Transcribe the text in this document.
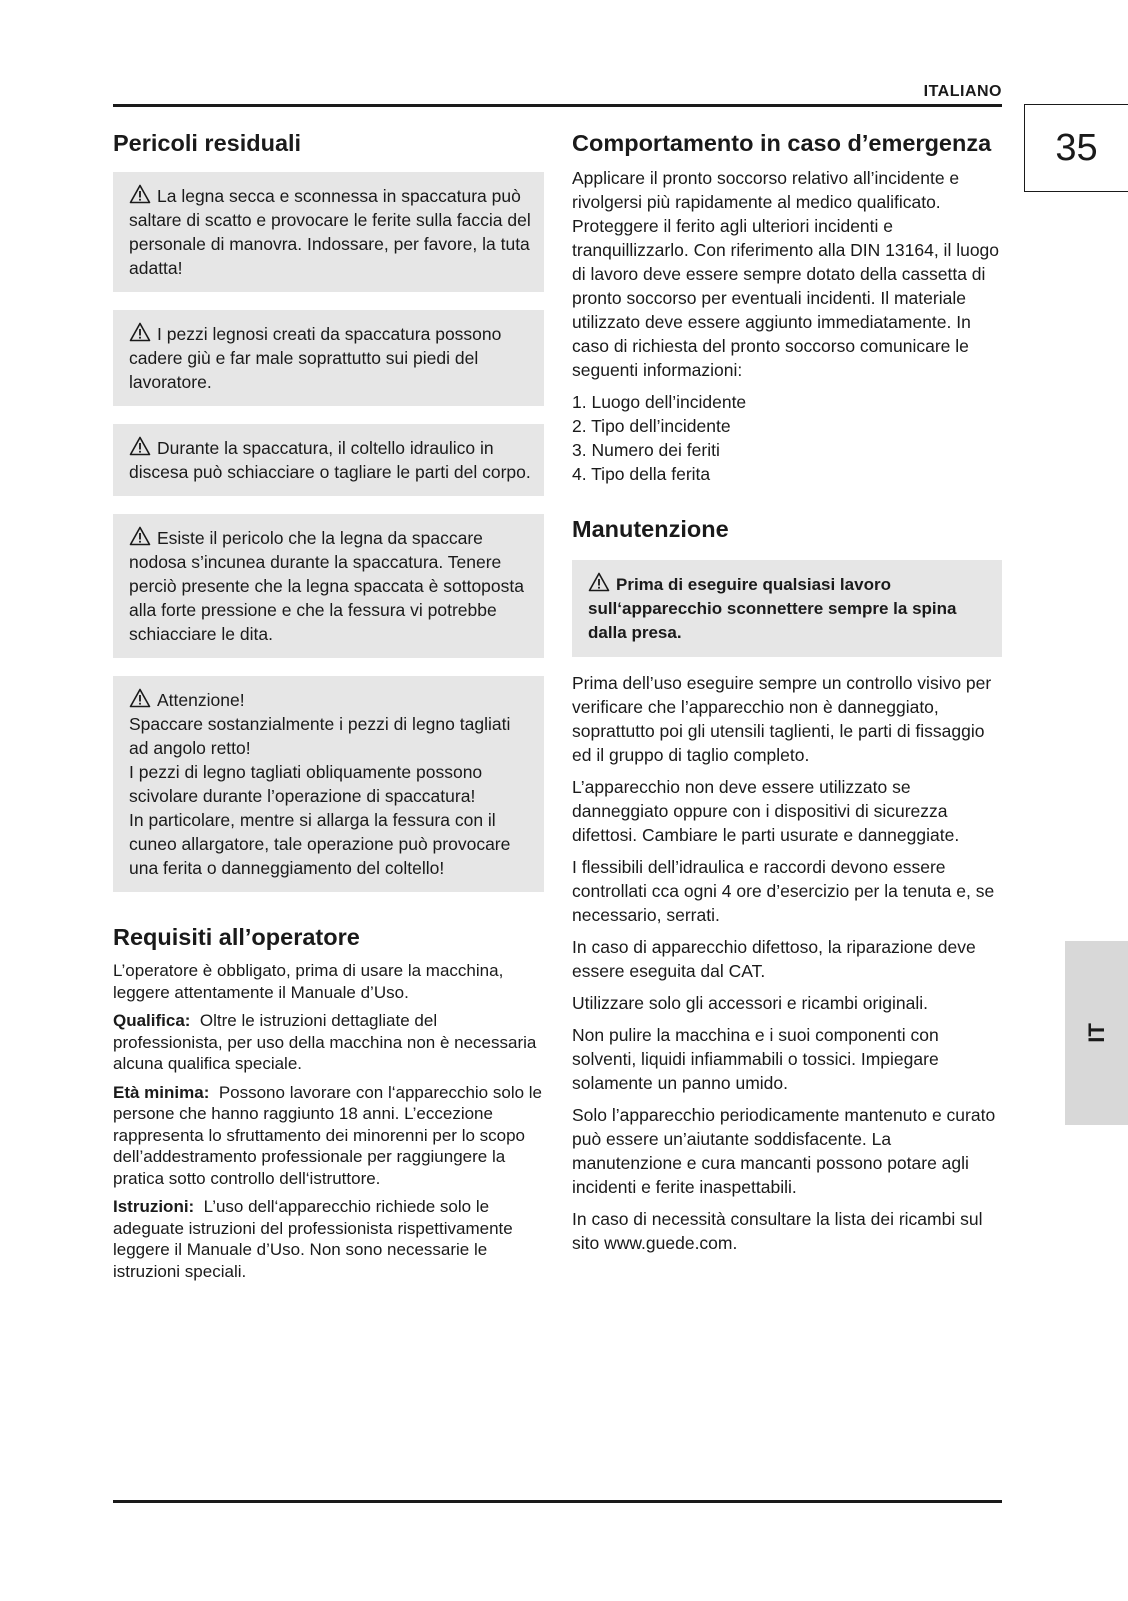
ITALIANO
35
IT
Pericoli residuali
La legna secca e sconnessa in spaccatura può saltare di scatto e provocare le ferite sulla faccia del personale di manovra. Indossare, per favore, la tuta adatta!
I pezzi legnosi creati da spaccatura possono cadere giù e far male soprattutto sui piedi del lavoratore.
Durante la spaccatura, il coltello idraulico in discesa può schiacciare o tagliare le parti del corpo.
Esiste il pericolo che la legna da spaccare nodosa s’incunea durante la spaccatura. Tenere perciò presente che la legna spaccata è sottoposta alla forte pressione e che la fessura vi potrebbe schiacciare le dita.
Attenzione!
Spaccare sostanzialmente i pezzi di legno tagliati ad angolo retto!
I pezzi di legno tagliati obliquamente possono scivolare durante l’operazione di spaccatura!
In particolare, mentre si allarga la fessura con il cuneo allargatore, tale operazione può provocare una ferita o danneggiamento del coltello!
Requisiti all’operatore

L’operatore è obbligato, prima di usare la macchina, leggere attentamente il Manuale d’Uso.

Qualifica: Oltre le istruzioni dettagliate del professionista, per uso della macchina non è necessaria alcuna qualifica speciale.

Età minima: Possono lavorare con l‘apparecchio solo le persone che hanno raggiunto 18 anni. L’eccezione rappresenta lo sfruttamento dei minorenni per lo scopo dell’addestramento professionale per raggiungere la pratica sotto controllo dell‘istruttore.

Istruzioni: L’uso dell‘apparecchio richiede solo le adeguate istruzioni del professionista rispettivamente leggere il Manuale d’Uso. Non sono necessarie le istruzioni speciali.

Comportamento in caso d’emergenza

Applicare il pronto soccorso relativo all’incidente e rivolgersi più rapidamente al medico qualificato. Proteggere il ferito agli ulteriori incidenti e tranquillizzarlo. Con riferimento alla DIN 13164, il luogo di lavoro deve essere sempre dotato della cassetta di pronto soccorso per eventuali incidenti. Il materiale utilizzato deve essere aggiunto immediatamente. In caso di richiesta del pronto soccorso comunicare le seguenti informazioni:

1. Luogo dell’incidente
2. Tipo dell’incidente
3. Numero dei feriti
4. Tipo della ferita
Manutenzione
Prima di eseguire qualsiasi lavoro sull‘apparecchio sconnettere sempre la spina dalla presa.

Prima dell’uso eseguire sempre un controllo visivo per verificare che l’apparecchio non è danneggiato, soprattutto poi gli utensili taglienti, le parti di fissaggio ed il gruppo di taglio completo.

L’apparecchio non deve essere utilizzato se danneggiato oppure con i dispositivi di sicurezza difettosi. Cambiare le parti usurate e danneggiate.

I flessibili dell’idraulica e raccordi devono essere controllati cca ogni 4 ore d’esercizio per la tenuta e, se necessario, serrati.

In caso di apparecchio difettoso, la riparazione deve essere eseguita dal CAT.

Utilizzare solo gli accessori e ricambi originali.

Non pulire la macchina e i suoi componenti con solventi, liquidi infiammabili o tossici. Impiegare solamente un panno umido.

Solo l’apparecchio periodicamente mantenuto e curato può essere un’aiutante soddisfacente. La manutenzione e cura mancanti possono potare agli incidenti e ferite inaspettabili.

In caso di necessità consultare la lista dei ricambi sul sito www.guede.com.
